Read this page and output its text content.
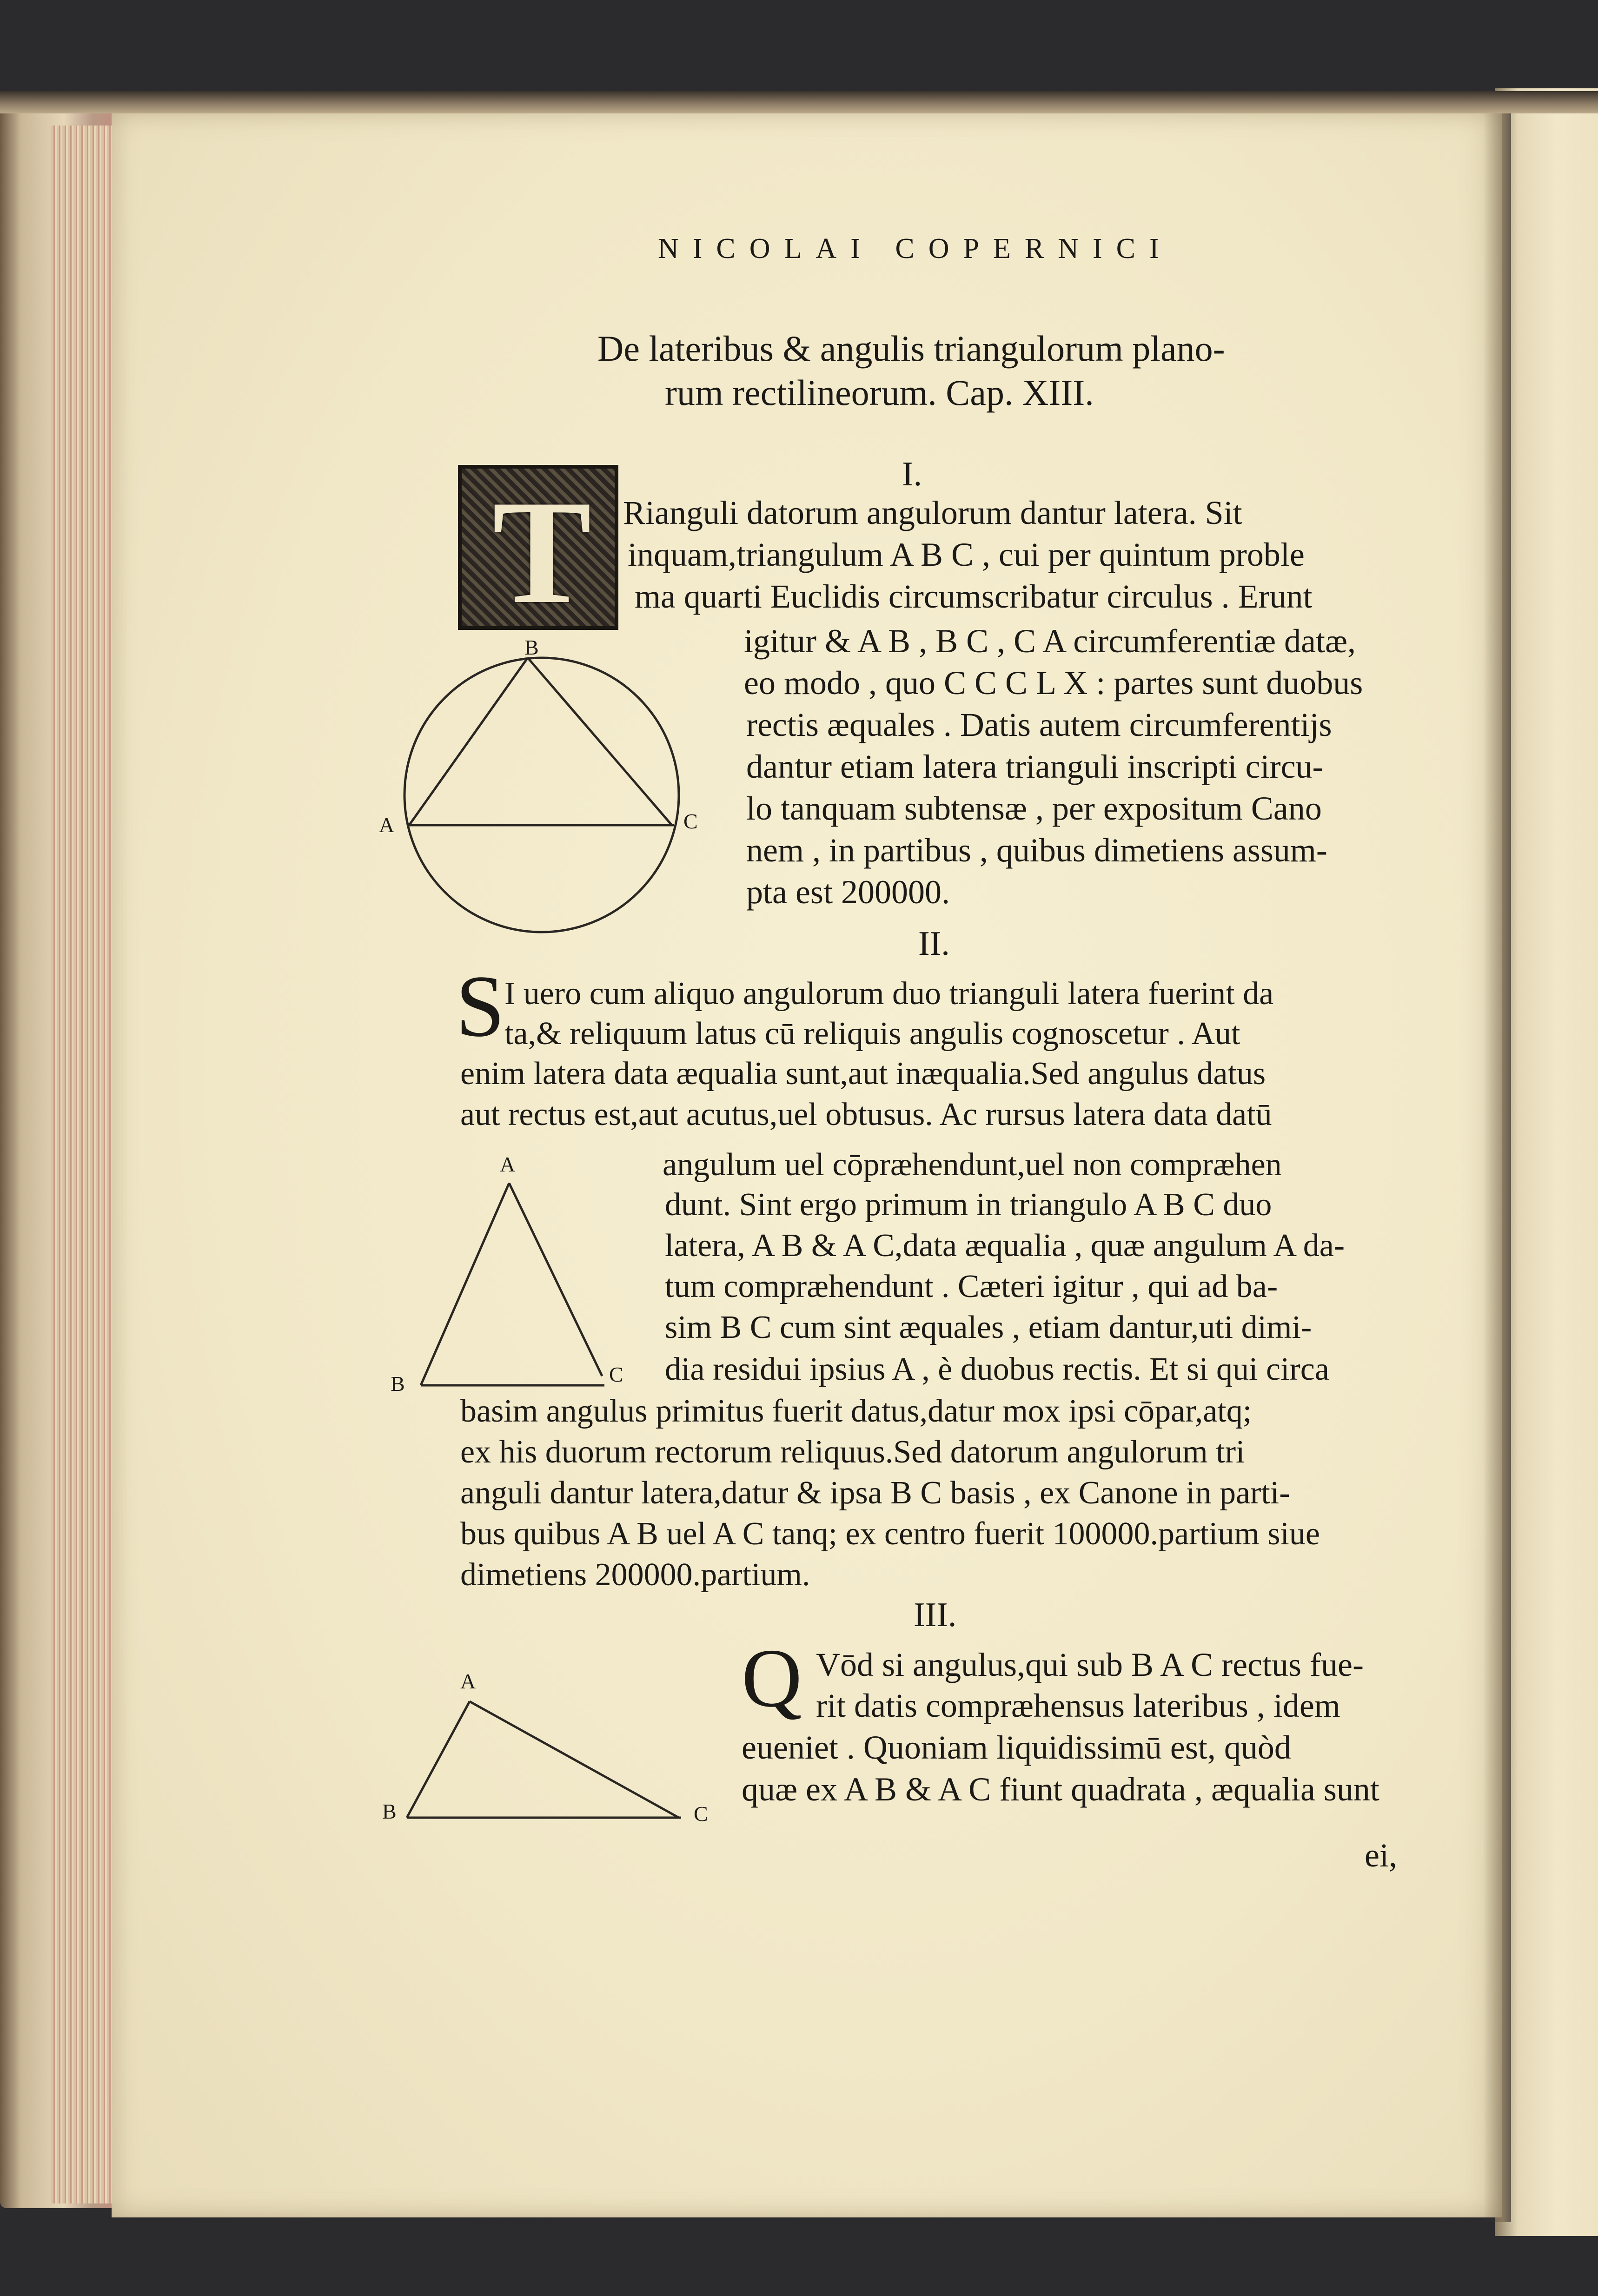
NICOLAI COPERNICI
De lateribus & angulis triangulorum plano-
rum rectilineorum. Cap. XIII.
I.
T Rianguli datorum angulorum dantur latera. Sit
inquam,triangulum A B C , cui per quintum proble
ma quarti Euclidis circumscribatur circulus . Erunt
igitur & A B , B C , C A circumferentiæ datæ,
eo modo , quo C C C L X : partes sunt duobus
rectis æquales . Datis autem circumferentijs
dantur etiam latera trianguli inscripti circu-
lo tanquam subtensæ , per expositum Cano
nem , in partibus , quibus dimetiens assum-
pta est 200000.
B
A	C
II.
S I uero cum aliquo angulorum duo trianguli latera fuerint da
ta,& reliquum latus cū reliquis angulis cognoscetur . Aut
enim latera data æqualia sunt,aut inæqualia.Sed angulus datus
aut rectus est,aut acutus,uel obtusus. Ac rursus latera data datū
angulum uel cōpræhendunt,uel non compræhen
dunt. Sint ergo primum in triangulo A B C duo
latera, A B & A C,data æqualia , quæ angulum A da-
tum compræhendunt . Cæteri igitur , qui ad ba-
sim B C cum sint æquales , etiam dantur,uti dimi-
dia residui ipsius A , è duobus rectis. Et si qui circa
basim angulus primitus fuerit datus,datur mox ipsi cōpar,atq;
ex his duorum rectorum reliquus.Sed datorum angulorum tri
anguli dantur latera,datur & ipsa B C basis , ex Canone in parti-
bus quibus A B uel A C tanq; ex centro fuerit 100000.partium siue
dimetiens 200000.partium.
A
B	C
III.
Q Vōd si angulus,qui sub B A C rectus fue-
rit datis compræhensus lateribus , idem
eueniet . Quoniam liquidissimū est, quòd
quæ ex A B & A C fiunt quadrata , æqualia sunt
A
B	C
ei,
